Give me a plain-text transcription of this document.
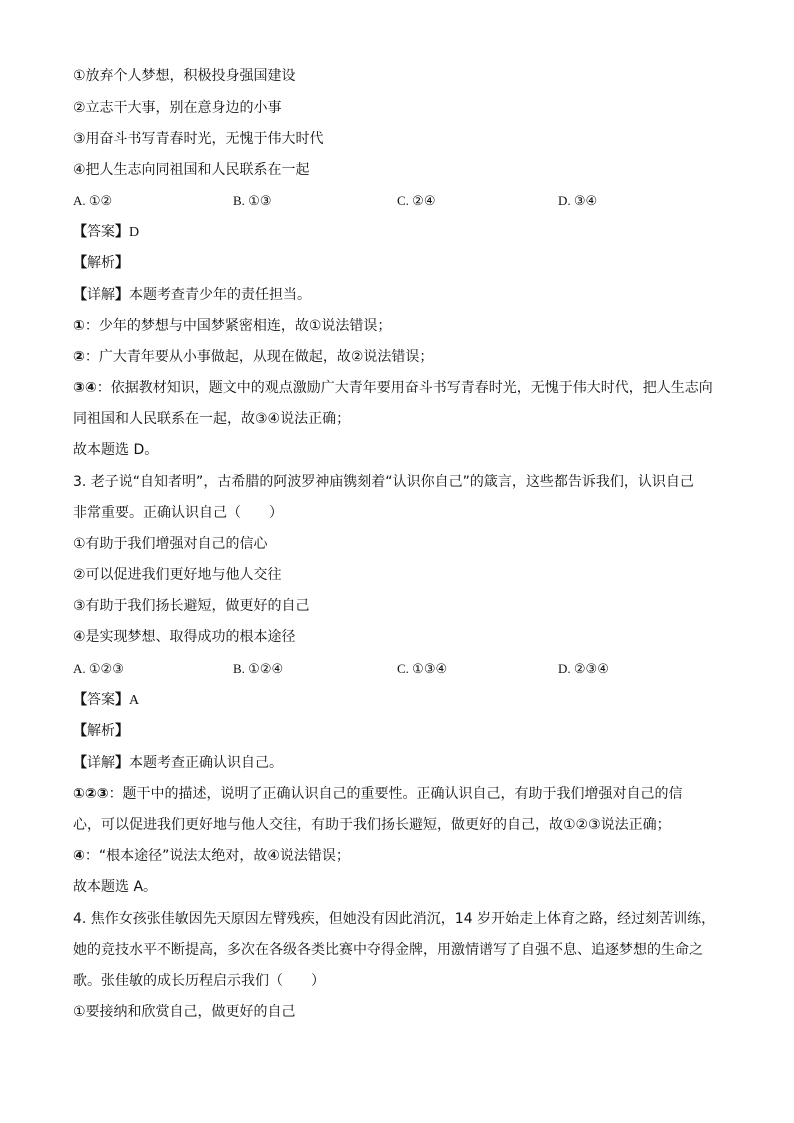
①放弃个人梦想，积极投身强国建设
②立志干大事，别在意身边的小事
③用奋斗书写青春时光，无愧于伟大时代
④把人生志向同祖国和人民联系在一起
A. ①②	B. ①③	C. ②④	D. ③④
【答案】D
【解析】
【详解】本题考查青少年的责任担当。
①：少年的梦想与中国梦紧密相连，故①说法错误；
②：广大青年要从小事做起，从现在做起，故②说法错误；
③④：依据教材知识，题文中的观点激励广大青年要用奋斗书写青春时光，无愧于伟大时代，把人生志向
同祖国和人民联系在一起，故③④说法正确；
故本题选 D。
3. 老子说“自知者明”，古希腊的阿波罗神庙镌刻着“认识你自己”的箴言，这些都告诉我们，认识自己
非常重要。正确认识自己（　　）
①有助于我们增强对自己的信心
②可以促进我们更好地与他人交往
③有助于我们扬长避短，做更好的自己
④是实现梦想、取得成功的根本途径
A. ①②③	B. ①②④	C. ①③④	D. ②③④
【答案】A
【解析】
【详解】本题考查正确认识自己。
①②③：题干中的描述，说明了正确认识自己的重要性。正确认识自己，有助于我们增强对自己的信
心，可以促进我们更好地与他人交往，有助于我们扬长避短，做更好的自己，故①②③说法正确；
④：“根本途径”说法太绝对，故④说法错误；
故本题选 A。
4. 焦作女孩张佳敏因先天原因左臂残疾，但她没有因此消沉，14 岁开始走上体育之路，经过刻苦训练，
她的竞技水平不断提高，多次在各级各类比赛中夺得金牌，用激情谱写了自强不息、追逐梦想的生命之
歌。张佳敏的成长历程启示我们（　　）
①要接纳和欣赏自己，做更好的自己
